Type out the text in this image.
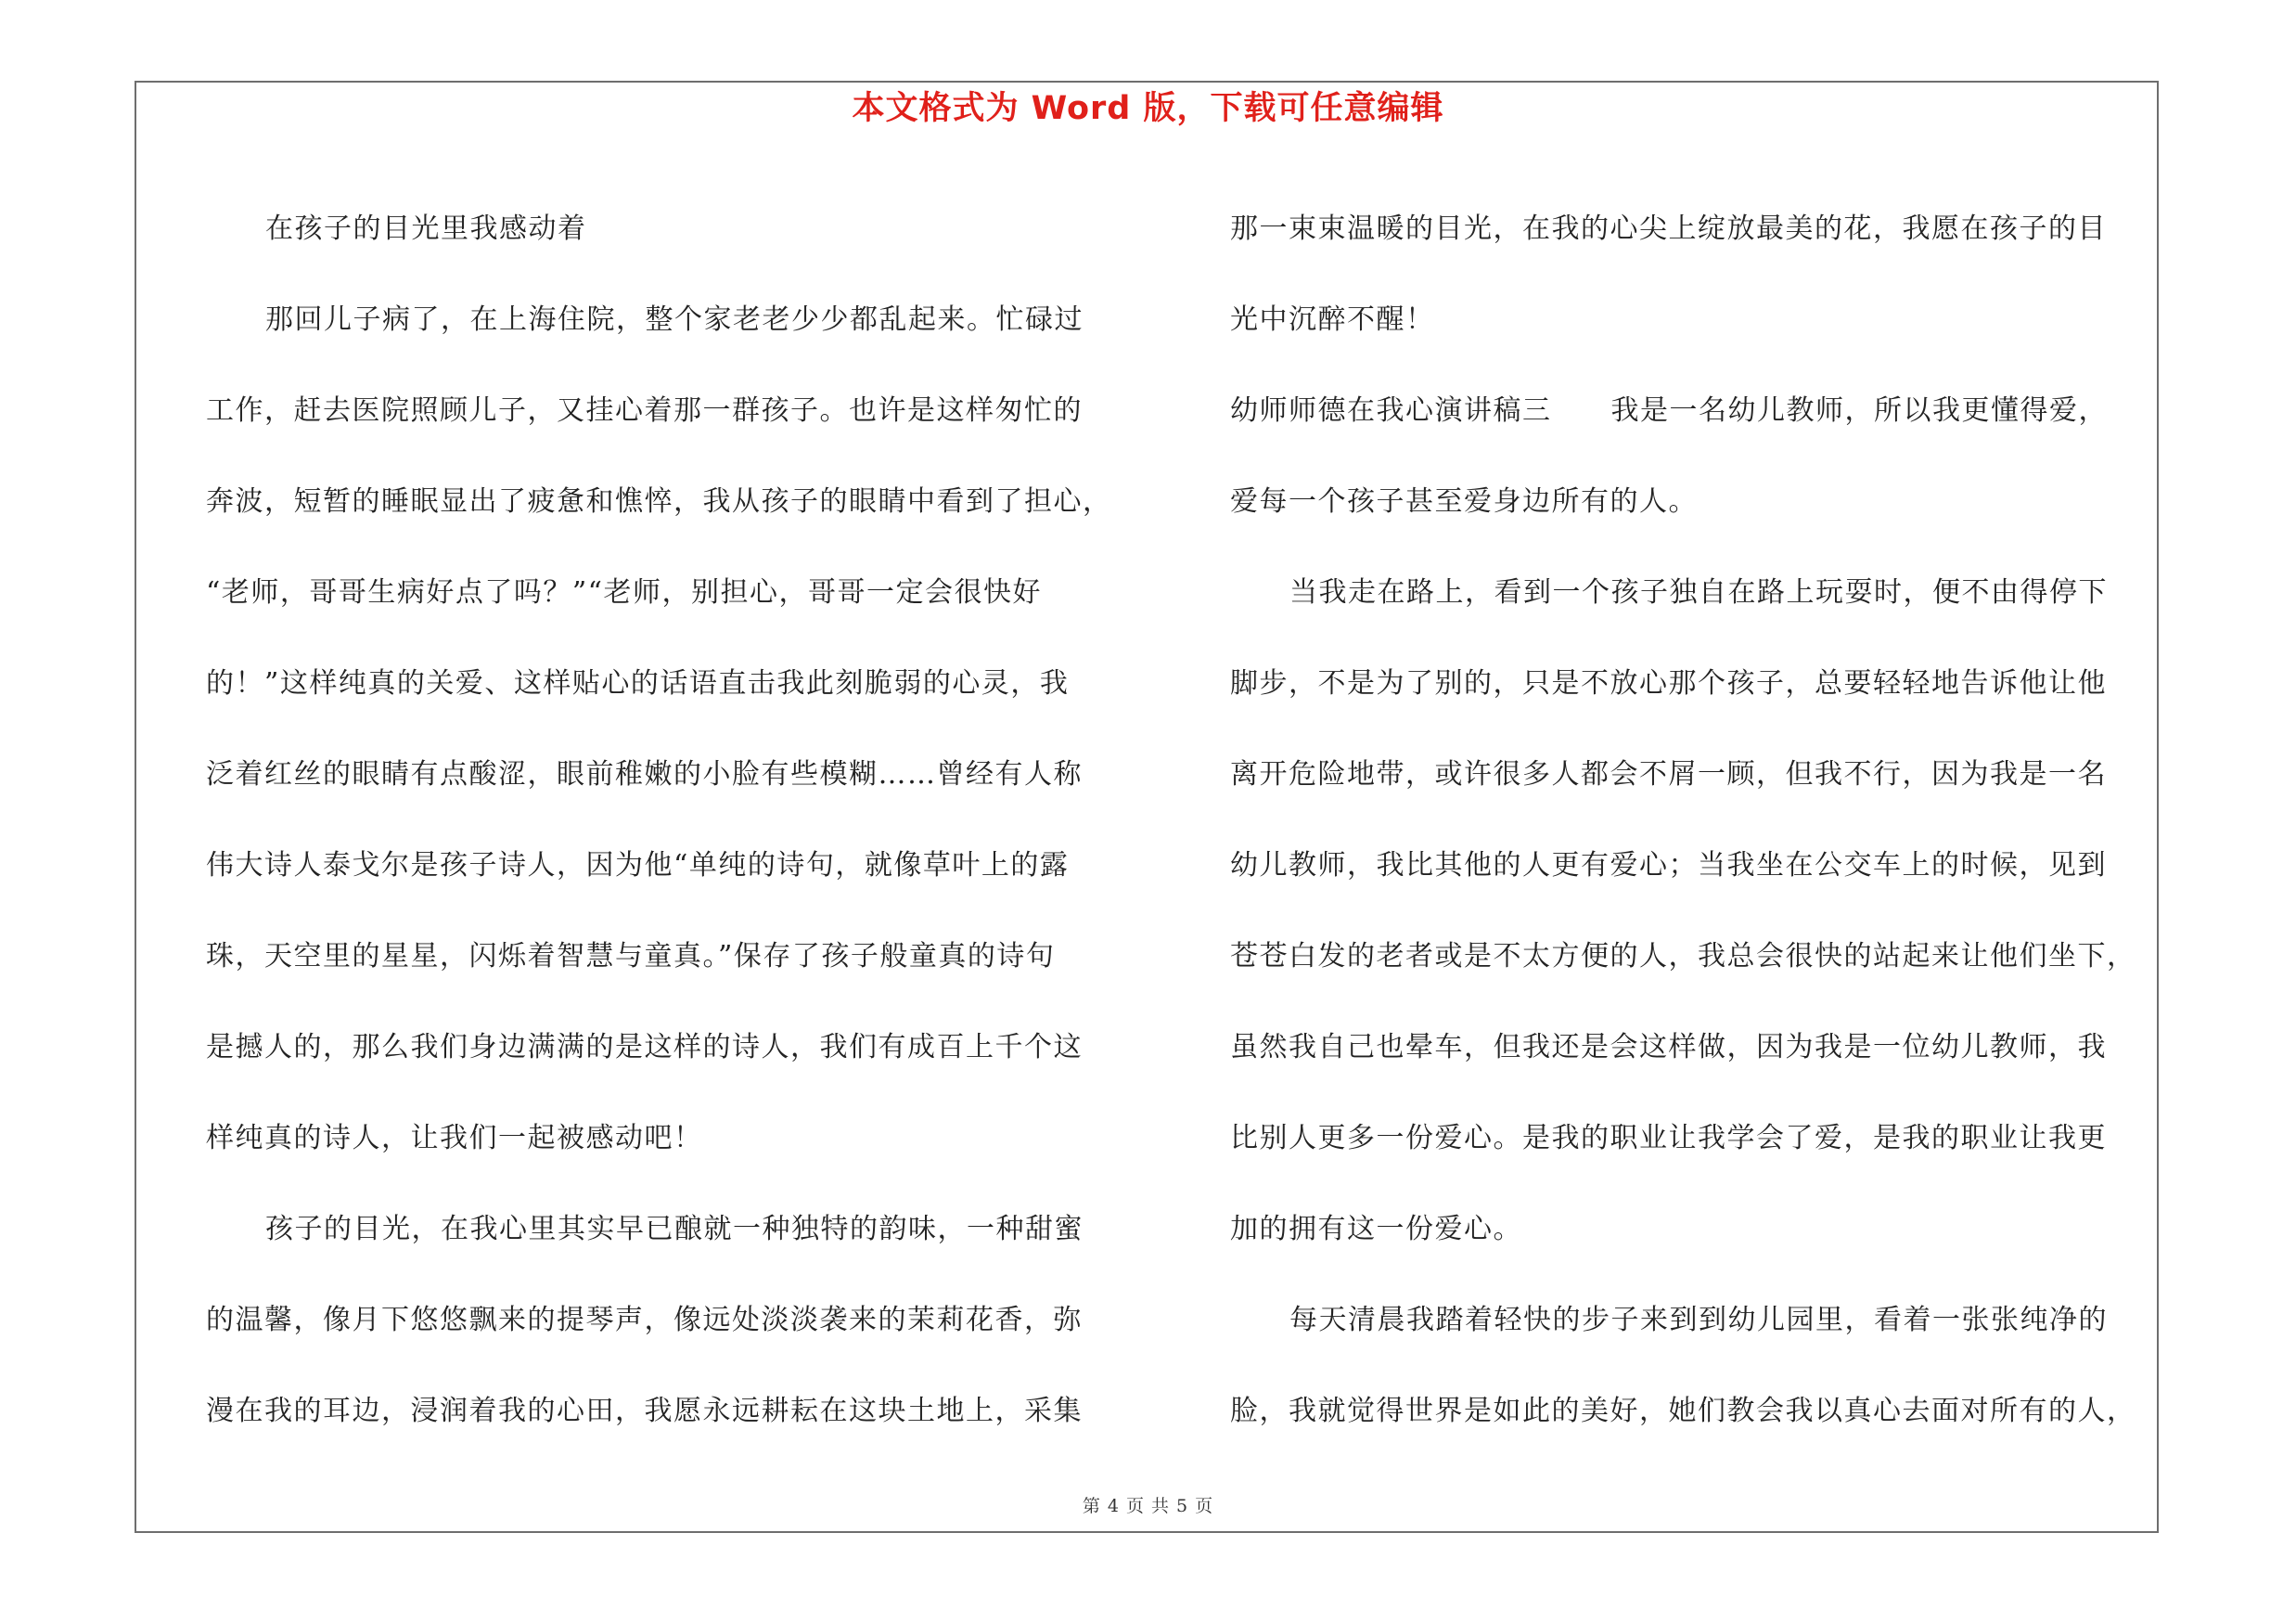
本文格式为 Word 版，下载可任意编辑
在孩子的目光里我感动着
那回儿子病了，在上海住院，整个家老老少少都乱起来。忙碌过
工作，赶去医院照顾儿子，又挂心着那一群孩子。也许是这样匆忙的
奔波，短暂的睡眠显出了疲惫和憔悴，我从孩子的眼睛中看到了担心，
“老师，哥哥生病好点了吗？”“老师，别担心，哥哥一定会很快好
的！”这样纯真的关爱、这样贴心的话语直击我此刻脆弱的心灵，我
泛着红丝的眼睛有点酸涩，眼前稚嫩的小脸有些模糊……曾经有人称
伟大诗人泰戈尔是孩子诗人，因为他“单纯的诗句，就像草叶上的露
珠，天空里的星星，闪烁着智慧与童真。”保存了孩子般童真的诗句
是撼人的，那么我们身边满满的是这样的诗人，我们有成百上千个这
样纯真的诗人，让我们一起被感动吧！
孩子的目光，在我心里其实早已酿就一种独特的韵味，一种甜蜜
的温馨，像月下悠悠飘来的提琴声，像远处淡淡袭来的茉莉花香，弥
漫在我的耳边，浸润着我的心田，我愿永远耕耘在这块土地上，采集
那一束束温暖的目光，在我的心尖上绽放最美的花，我愿在孩子的目
光中沉醉不醒！
幼师师德在我心演讲稿三 我是一名幼儿教师，所以我更懂得爱，
爱每一个孩子甚至爱身边所有的人。
当我走在路上，看到一个孩子独自在路上玩耍时，便不由得停下
脚步，不是为了别的，只是不放心那个孩子，总要轻轻地告诉他让他
离开危险地带，或许很多人都会不屑一顾，但我不行，因为我是一名
幼儿教师，我比其他的人更有爱心；当我坐在公交车上的时候，见到
苍苍白发的老者或是不太方便的人，我总会很快的站起来让他们坐下，
虽然我自己也晕车，但我还是会这样做，因为我是一位幼儿教师，我
比别人更多一份爱心。是我的职业让我学会了爱，是我的职业让我更
加的拥有这一份爱心。
每天清晨我踏着轻快的步子来到到幼儿园里，看着一张张纯净的
脸，我就觉得世界是如此的美好，她们教会我以真心去面对所有的人，
第 4 页 共 5 页
